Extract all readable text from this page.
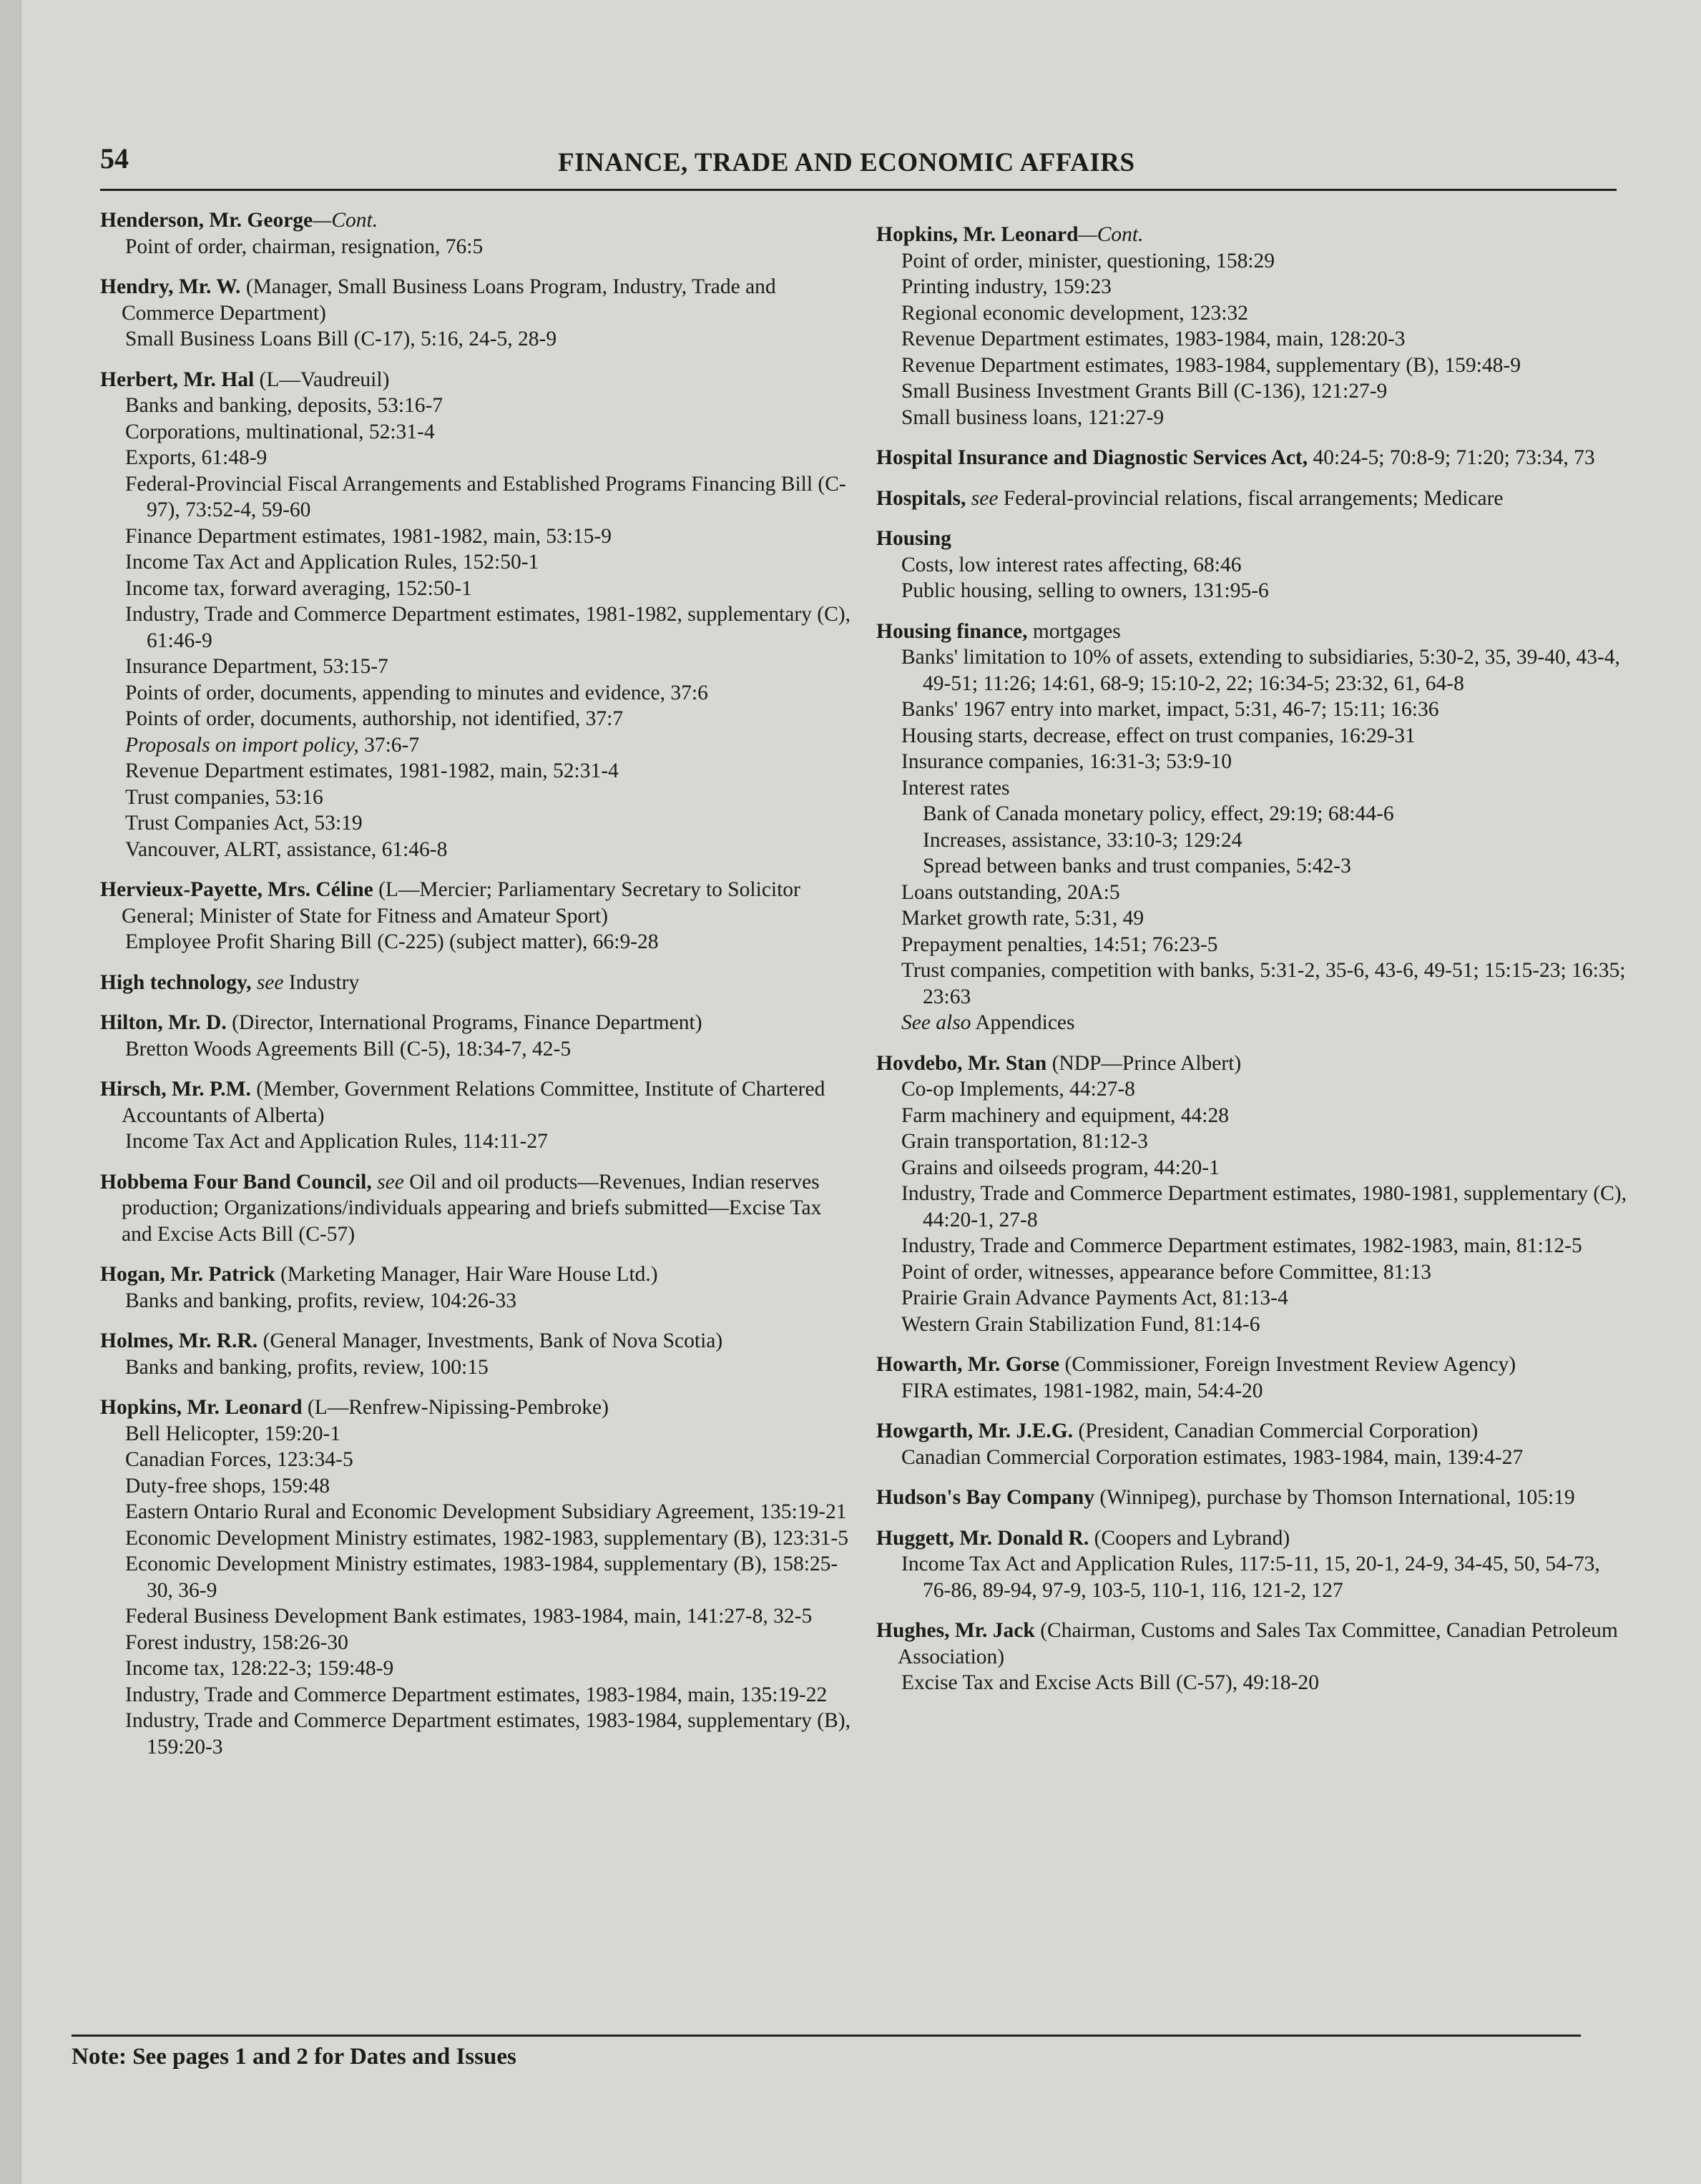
54	FINANCE, TRADE AND ECONOMIC AFFAIRS
Henderson, Mr. George—Cont.
Point of order, chairman, resignation, 76:5
Hendry, Mr. W. (Manager, Small Business Loans Program, Industry, Trade and Commerce Department)
Small Business Loans Bill (C-17), 5:16, 24-5, 28-9
Herbert, Mr. Hal (L—Vaudreuil)
Banks and banking, deposits, 53:16-7
Corporations, multinational, 52:31-4
Exports, 61:48-9
Federal-Provincial Fiscal Arrangements and Established Programs Financing Bill (C-97), 73:52-4, 59-60
Finance Department estimates, 1981-1982, main, 53:15-9
Income Tax Act and Application Rules, 152:50-1
Income tax, forward averaging, 152:50-1
Industry, Trade and Commerce Department estimates, 1981-1982, supplementary (C), 61:46-9
Insurance Department, 53:15-7
Points of order, documents, appending to minutes and evidence, 37:6
Points of order, documents, authorship, not identified, 37:7
Proposals on import policy, 37:6-7
Revenue Department estimates, 1981-1982, main, 52:31-4
Trust companies, 53:16
Trust Companies Act, 53:19
Vancouver, ALRT, assistance, 61:46-8
Hervieux-Payette, Mrs. Céline (L—Mercier; Parliamentary Secretary to Solicitor General; Minister of State for Fitness and Amateur Sport)
Employee Profit Sharing Bill (C-225) (subject matter), 66:9-28
High technology, see Industry
Hilton, Mr. D. (Director, International Programs, Finance Department)
Bretton Woods Agreements Bill (C-5), 18:34-7, 42-5
Hirsch, Mr. P.M. (Member, Government Relations Committee, Institute of Chartered Accountants of Alberta)
Income Tax Act and Application Rules, 114:11-27
Hobbema Four Band Council, see Oil and oil products—Revenues, Indian reserves production; Organizations/individuals appearing and briefs submitted—Excise Tax and Excise Acts Bill (C-57)
Hogan, Mr. Patrick (Marketing Manager, Hair Ware House Ltd.)
Banks and banking, profits, review, 104:26-33
Holmes, Mr. R.R. (General Manager, Investments, Bank of Nova Scotia)
Banks and banking, profits, review, 100:15
Hopkins, Mr. Leonard (L—Renfrew-Nipissing-Pembroke)
Bell Helicopter, 159:20-1
Canadian Forces, 123:34-5
Duty-free shops, 159:48
Eastern Ontario Rural and Economic Development Subsidiary Agreement, 135:19-21
Economic Development Ministry estimates, 1982-1983, supplementary (B), 123:31-5
Economic Development Ministry estimates, 1983-1984, supplementary (B), 158:25-30, 36-9
Federal Business Development Bank estimates, 1983-1984, main, 141:27-8, 32-5
Forest industry, 158:26-30
Income tax, 128:22-3; 159:48-9
Industry, Trade and Commerce Department estimates, 1983-1984, main, 135:19-22
Industry, Trade and Commerce Department estimates, 1983-1984, supplementary (B), 159:20-3
Hopkins, Mr. Leonard—Cont.
Point of order, minister, questioning, 158:29
Printing industry, 159:23
Regional economic development, 123:32
Revenue Department estimates, 1983-1984, main, 128:20-3
Revenue Department estimates, 1983-1984, supplementary (B), 159:48-9
Small Business Investment Grants Bill (C-136), 121:27-9
Small business loans, 121:27-9
Hospital Insurance and Diagnostic Services Act, 40:24-5; 70:8-9; 71:20; 73:34, 73
Hospitals, see Federal-provincial relations, fiscal arrangements; Medicare
Housing
Costs, low interest rates affecting, 68:46
Public housing, selling to owners, 131:95-6
Housing finance, mortgages
Banks' limitation to 10% of assets, extending to subsidiaries, 5:30-2, 35, 39-40, 43-4, 49-51; 11:26; 14:61, 68-9; 15:10-2, 22; 16:34-5; 23:32, 61, 64-8
Banks' 1967 entry into market, impact, 5:31, 46-7; 15:11; 16:36
Housing starts, decrease, effect on trust companies, 16:29-31
Insurance companies, 16:31-3; 53:9-10
Interest rates
Bank of Canada monetary policy, effect, 29:19; 68:44-6
Increases, assistance, 33:10-3; 129:24
Spread between banks and trust companies, 5:42-3
Loans outstanding, 20A:5
Market growth rate, 5:31, 49
Prepayment penalties, 14:51; 76:23-5
Trust companies, competition with banks, 5:31-2, 35-6, 43-6, 49-51; 15:15-23; 16:35; 23:63
See also Appendices
Hovdebo, Mr. Stan (NDP—Prince Albert)
Co-op Implements, 44:27-8
Farm machinery and equipment, 44:28
Grain transportation, 81:12-3
Grains and oilseeds program, 44:20-1
Industry, Trade and Commerce Department estimates, 1980-1981, supplementary (C), 44:20-1, 27-8
Industry, Trade and Commerce Department estimates, 1982-1983, main, 81:12-5
Point of order, witnesses, appearance before Committee, 81:13
Prairie Grain Advance Payments Act, 81:13-4
Western Grain Stabilization Fund, 81:14-6
Howarth, Mr. Gorse (Commissioner, Foreign Investment Review Agency)
FIRA estimates, 1981-1982, main, 54:4-20
Howgarth, Mr. J.E.G. (President, Canadian Commercial Corporation)
Canadian Commercial Corporation estimates, 1983-1984, main, 139:4-27
Hudson's Bay Company (Winnipeg), purchase by Thomson International, 105:19
Huggett, Mr. Donald R. (Coopers and Lybrand)
Income Tax Act and Application Rules, 117:5-11, 15, 20-1, 24-9, 34-45, 50, 54-73, 76-86, 89-94, 97-9, 103-5, 110-1, 116, 121-2, 127
Hughes, Mr. Jack (Chairman, Customs and Sales Tax Committee, Canadian Petroleum Association)
Excise Tax and Excise Acts Bill (C-57), 49:18-20
Note: See pages 1 and 2 for Dates and Issues
